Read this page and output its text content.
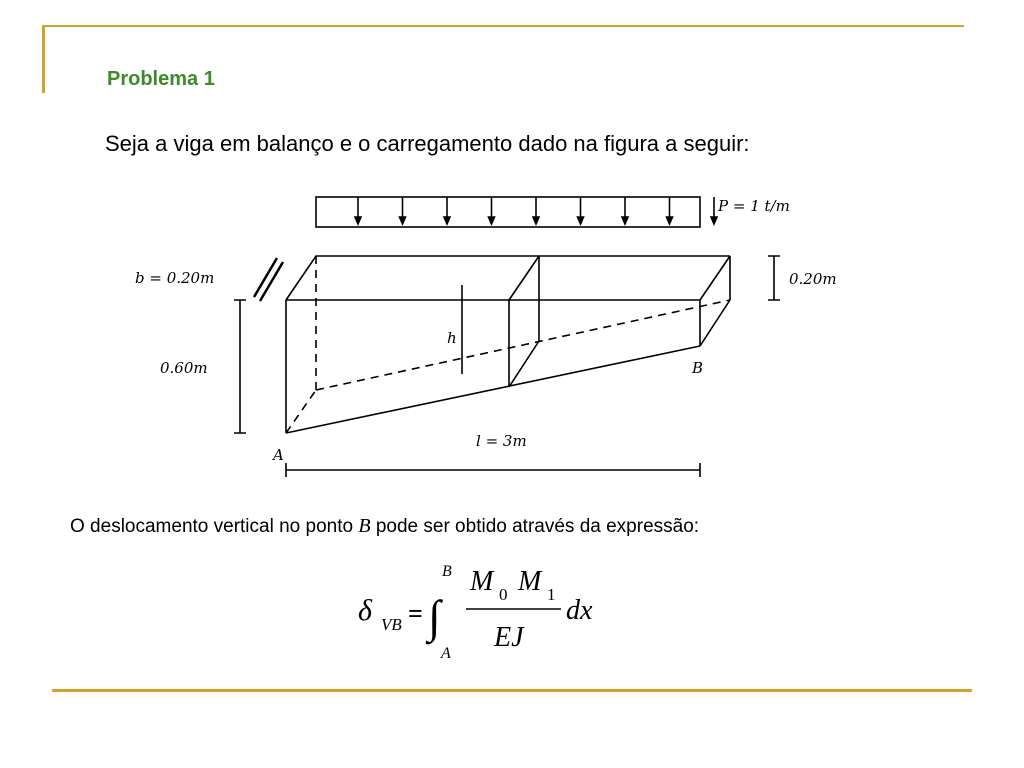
Problema 1
Seja a viga em balanço e o carregamento dado na figura a seguir:
P = 1 t/m
b = 0.20m
0.60m
0.20m
h
l = 3m
A
B
δ VB = ∫
B
A
M 0 M 1
EJ
dx
O deslocamento vertical no ponto B pode ser obtido através da expressão:
